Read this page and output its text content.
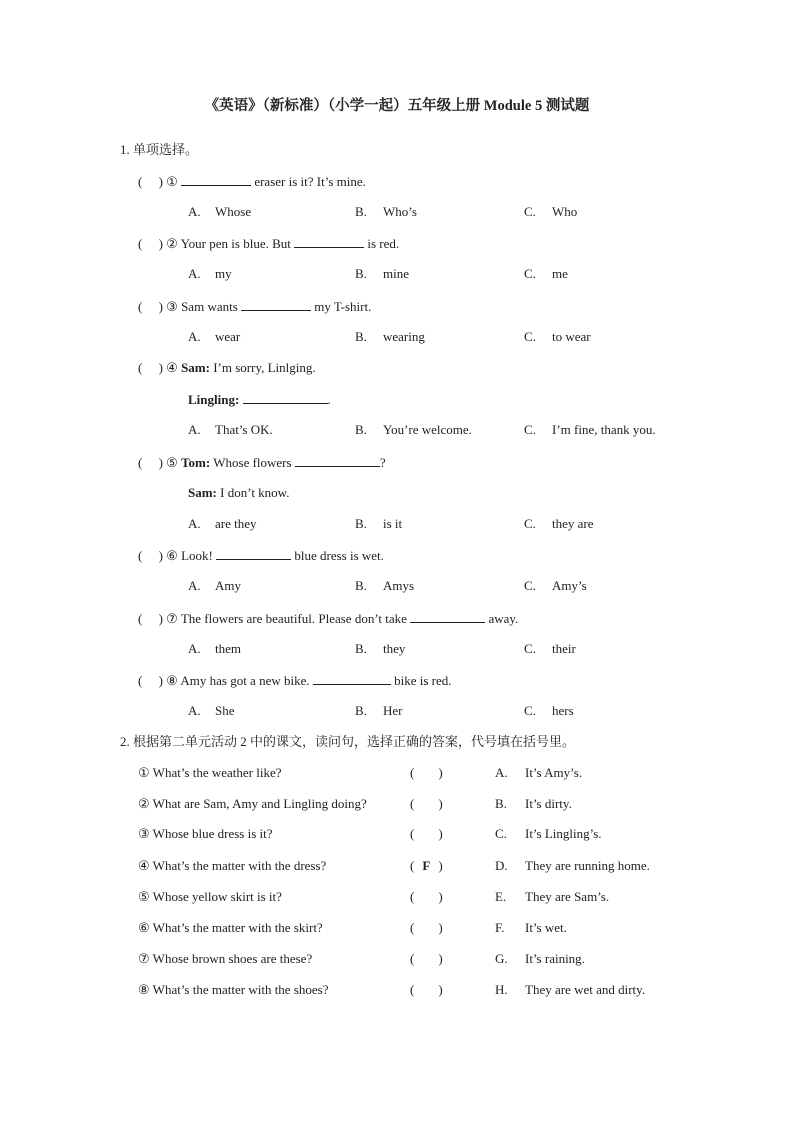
《英语》（新标准）（小学一起）五年级上册 Module 5 测试题
1. 单项选择。
(     ) ①	eraser is it? It’s mine.
A. Whose	B. Who’s	C. Who
(     ) ② Your pen is blue. But	is red.
A. my	B. mine	C. me
(     ) ③ Sam wants	my T-shirt.
A. wear	B. wearing	C. to wear
(     ) ④ Sam: I’m sorry, Linlging.
Lingling:	.
A. That’s OK.	B. You’re welcome.	C. I’m fine, thank you.
(     ) ⑤ Tom: Whose flowers	?
Sam: I don’t know.
A. are they	B. is it	C. they are
(     ) ⑥ Look!	blue dress is wet.
A. Amy	B. Amys	C. Amy’s
(     ) ⑦ The flowers are beautiful. Please don’t take	away.
A. them	B. they	C. their
(     ) ⑧ Amy has got a new bike.	bike is red.
A. She	B. Her	C. hers
2. 根据第二单元活动 2 中的课文，读问句，选择正确的答案，代号填在括号里。
① What’s the weather like?	( )	A. It’s Amy’s.
② What are Sam, Amy and Lingling doing?	( )	B. It’s dirty.
③ Whose blue dress is it?	( )	C. It’s Lingling’s.
④ What’s the matter with the dress?	( F )	D. They are running home.
⑤ Whose yellow skirt is it?	( )	E. They are Sam’s.
⑥ What’s the matter with the skirt?	( )	F. It’s wet.
⑦ Whose brown shoes are these?	( )	G. It’s raining.
⑧ What’s the matter with the shoes?	( )	H. They are wet and dirty.
